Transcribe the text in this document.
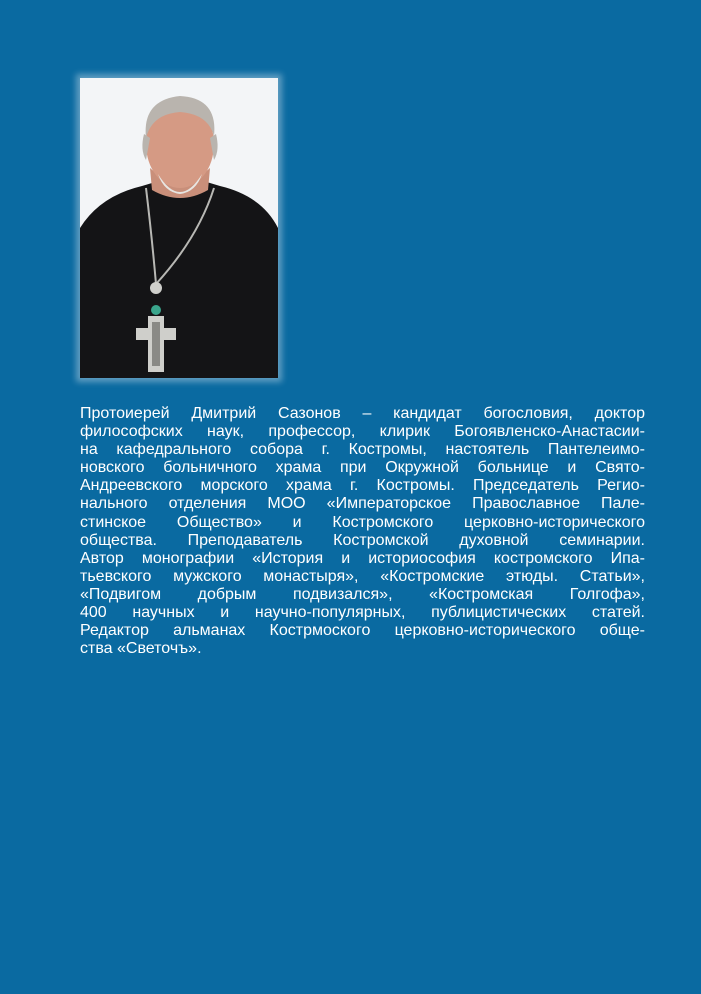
Протоиерей Дмитрий Сазонов – кандидат богословия, доктор
философских наук, профессор, клирик Богоявленско-Анастасии-
на кафедрального собора г. Костромы, настоятель Пантелеимо-
новского больничного храма при Окружной больнице и Свято-
Андреевского морского храма г. Костромы. Председатель Регио-
нального отделения МОО «Императорское Православное Пале-
стинское Общество» и Костромского церковно-исторического
общества. Преподаватель Костромской духовной семинарии.
Автор монографии «История и историософия костромского Ипа-
тьевского мужского монастыря», «Костромские этюды. Статьи»,
«Подвигом добрым подвизался», «Костромская Голгофа»,
400 научных и научно-популярных, публицистических статей.
Редактор альманах Кострмоского церковно-исторического обще-
ства «Светочъ».
